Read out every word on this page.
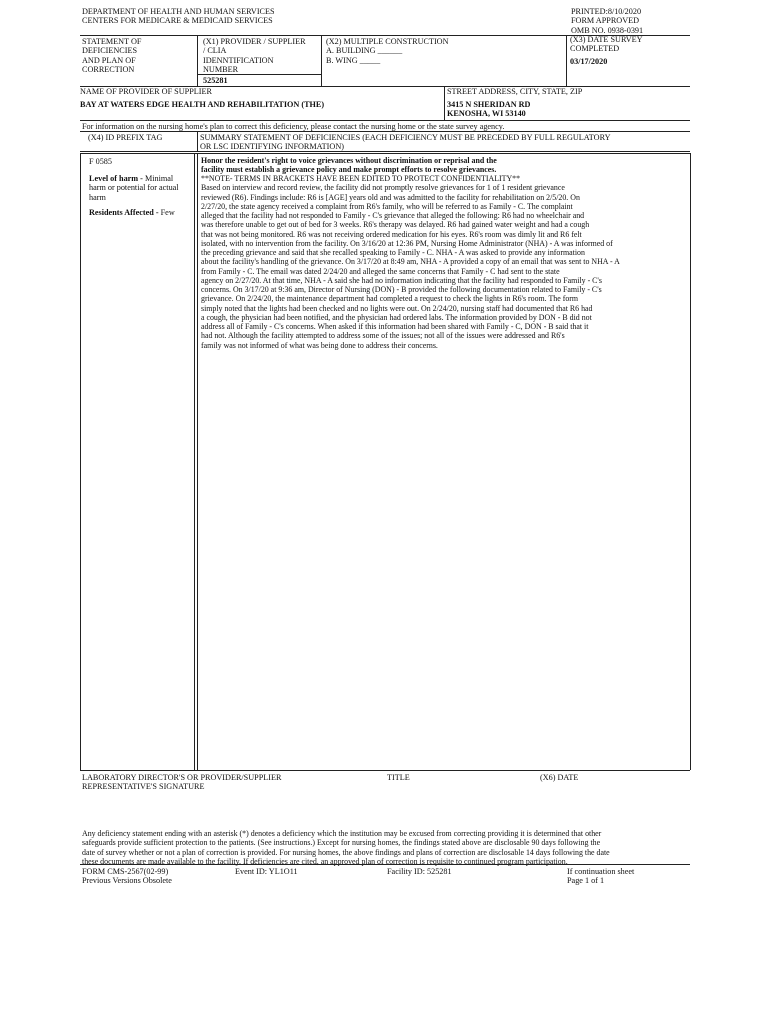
DEPARTMENT OF HEALTH AND HUMAN SERVICES
CENTERS FOR MEDICARE & MEDICAID SERVICES
PRINTED:8/10/2020
FORM APPROVED
OMB NO. 0938-0391
STATEMENT OF
DEFICIENCIES
AND PLAN OF
CORRECTION
(X1) PROVIDER / SUPPLIER
/ CLIA
IDENNTIFICATION
NUMBER
525281
(X2) MULTIPLE CONSTRUCTION
A. BUILDING ______
B. WING _____
(X3) DATE SURVEY
COMPLETED
03/17/2020
NAME OF PROVIDER OF SUPPLIER
BAY AT WATERS EDGE HEALTH AND REHABILITATION (THE)
STREET ADDRESS, CITY, STATE, ZIP
3415 N SHERIDAN RD
KENOSHA, WI 53140
For information on the nursing home's plan to correct this deficiency, please contact the nursing home or the state survey agency.
(X4) ID PREFIX TAG	SUMMARY STATEMENT OF DEFICIENCIES (EACH DEFICIENCY MUST BE PRECEDED BY FULL REGULATORY
OR LSC IDENTIFYING INFORMATION)
F 0585
Level of harm - Minimal harm or potential for actual harm
Residents Affected - Few
Honor the resident's right to voice grievances without discrimination or reprisal and the
facility must establish a grievance policy and make prompt efforts to resolve grievances.
**NOTE- TERMS IN BRACKETS HAVE BEEN EDITED TO PROTECT CONFIDENTIALITY**
Based on interview and record review, the facility did not promptly resolve grievances for 1 of 1 resident grievance
reviewed (R6). Findings include: R6 is [AGE] years old and was admitted to the facility for rehabilitation on 2/5/20. On
2/27/20, the state agency received a complaint from R6's family, who will be referred to as Family - C. The complaint
alleged that the facility had not responded to Family - C's grievance that alleged the following: R6 had no wheelchair and
was therefore unable to get out of bed for 3 weeks. R6's therapy was delayed. R6 had gained water weight and had a cough
that was not being monitored. R6 was not receiving ordered medication for his eyes. R6's room was dimly lit and R6 felt
isolated, with no intervention from the facility. On 3/16/20 at 12:36 PM, Nursing Home Administrator (NHA) - A was informed of
the preceding grievance and said that she recalled speaking to Family - C. NHA - A was asked to provide any information
about the facility's handling of the grievance. On 3/17/20 at 8:49 am, NHA - A provided a copy of an email that was sent to NHA - A
from Family - C. The email was dated 2/24/20 and alleged the same concerns that Family - C had sent to the state
agency on 2/27/20. At that time, NHA - A said she had no information indicating that the facility had responded to Family - C's
concerns. On 3/17/20 at 9:36 am, Director of Nursing (DON) - B provided the following documentation related to Family - C's
grievance. On 2/24/20, the maintenance department had completed a request to check the lights in R6's room. The form
simply noted that the lights had been checked and no lights were out. On 2/24/20, nursing staff had documented that R6 had
a cough, the physician had been notified, and the physician had ordered labs. The information provided by DON - B did not
address all of Family - C's concerns. When asked if this information had been shared with Family - C, DON - B said that it
had not. Although the facility attempted to address some of the issues; not all of the issues were addressed and R6's
family was not informed of what was being done to address their concerns.
LABORATORY DIRECTOR'S OR PROVIDER/SUPPLIER
REPRESENTATIVE'S SIGNATURE
TITLE	(X6) DATE
Any deficiency statement ending with an asterisk (*) denotes a deficiency which the institution may be excused from correcting providing it is determined that other
safeguards provide sufficient protection to the patients. (See instructions.) Except for nursing homes, the findings stated above are disclosable 90 days following the
date of survey whether or not a plan of correction is provided. For nursing homes, the above findings and plans of correction are disclosable 14 days following the date
these documents are made available to the facility. If deficiencies are cited, an approved plan of correction is requisite to continued program participation.
FORM CMS-2567(02-99)
Previous Versions Obsolete
Event ID: YL1O11	Facility ID: 525281	If continuation sheet
Page 1 of 1
